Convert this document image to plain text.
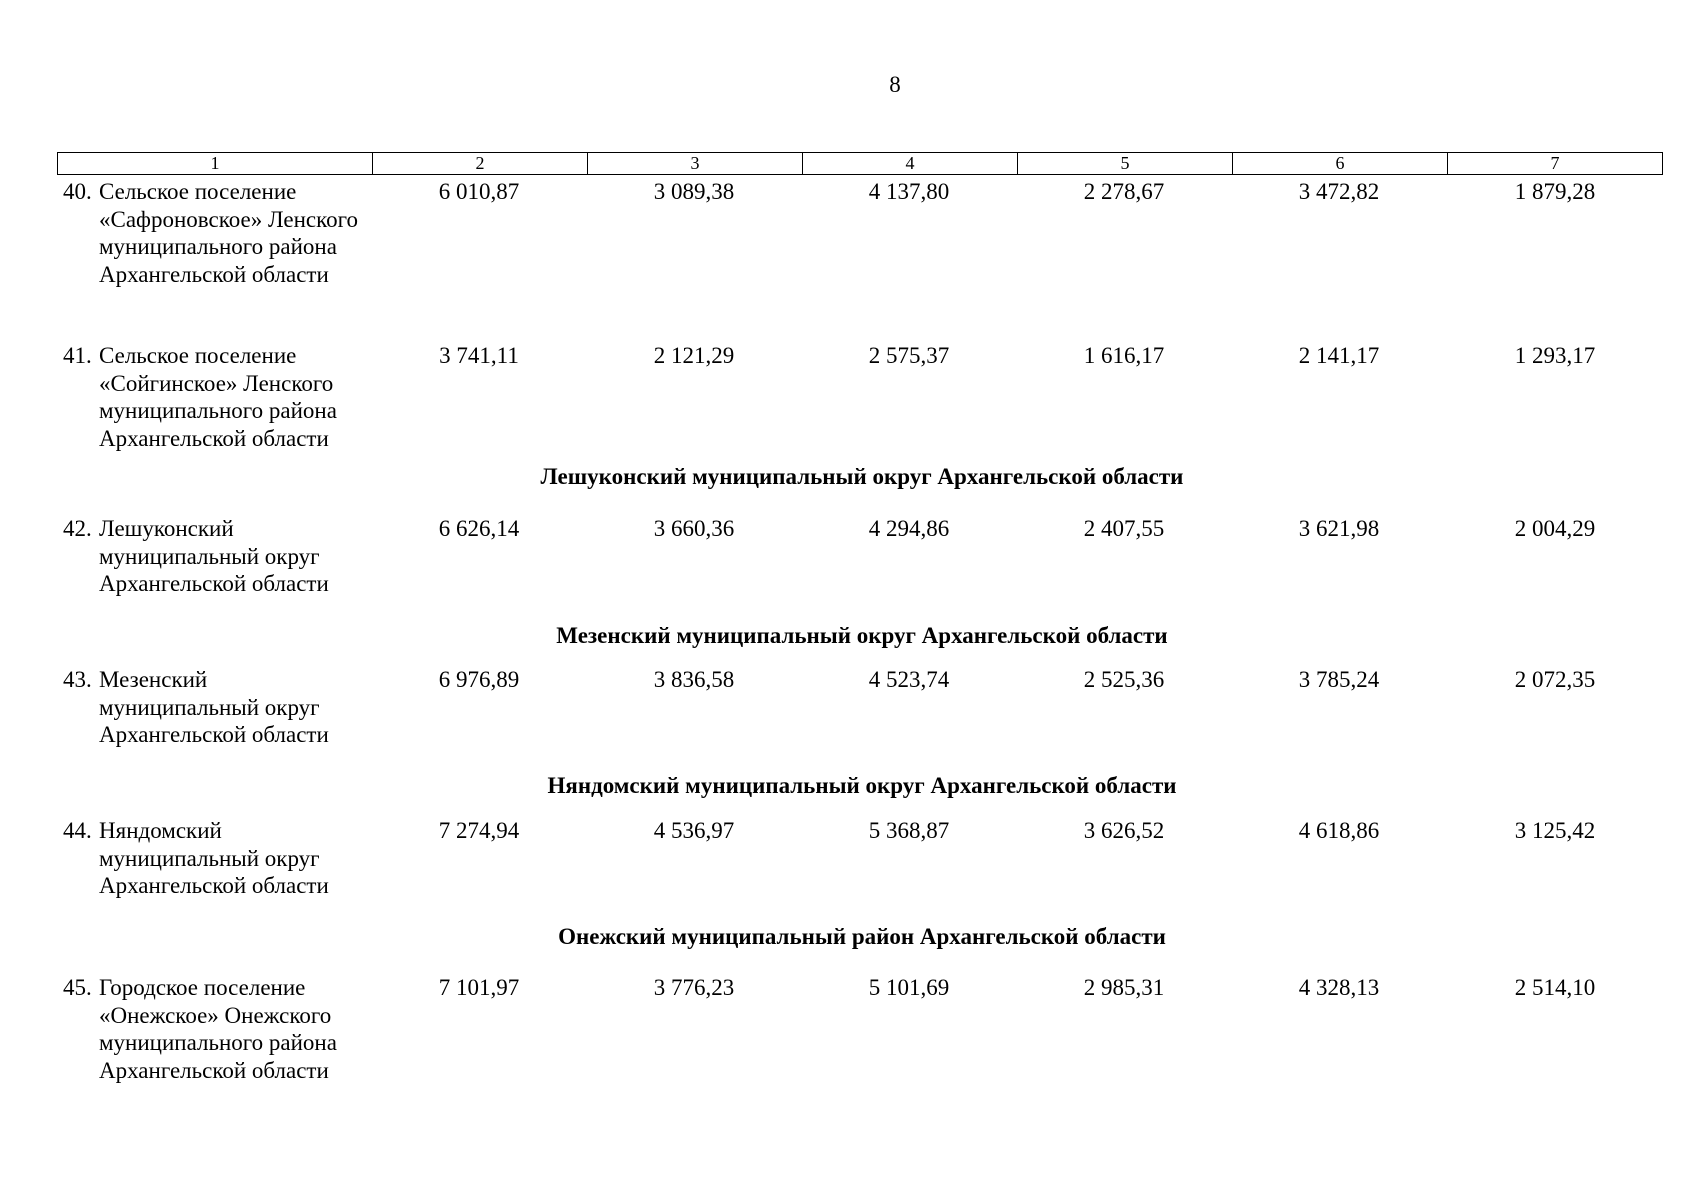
8
1	2	3	4	5	6	7
40. Сельское поселение «Сафроновское» Ленского муниципального района Архангельской области
6 010,87	3 089,38	4 137,80	2 278,67	3 472,82	1 879,28
41. Сельское поселение «Сойгинское» Ленского муниципального района Архангельской области
3 741,11	2 121,29	2 575,37	1 616,17	2 141,17	1 293,17
Лешуконский муниципальный округ Архангельской области
42. Лешуконский муниципальный округ Архангельской области
6 626,14	3 660,36	4 294,86	2 407,55	3 621,98	2 004,29
Мезенский муниципальный округ Архангельской области
43. Мезенский муниципальный округ Архангельской области
6 976,89	3 836,58	4 523,74	2 525,36	3 785,24	2 072,35
Няндомский муниципальный округ Архангельской области
44. Няндомский муниципальный округ Архангельской области
7 274,94	4 536,97	5 368,87	3 626,52	4 618,86	3 125,42
Онежский муниципальный район Архангельской области
45. Городское поселение «Онежское» Онежского муниципального района Архангельской области
7 101,97	3 776,23	5 101,69	2 985,31	4 328,13	2 514,10
